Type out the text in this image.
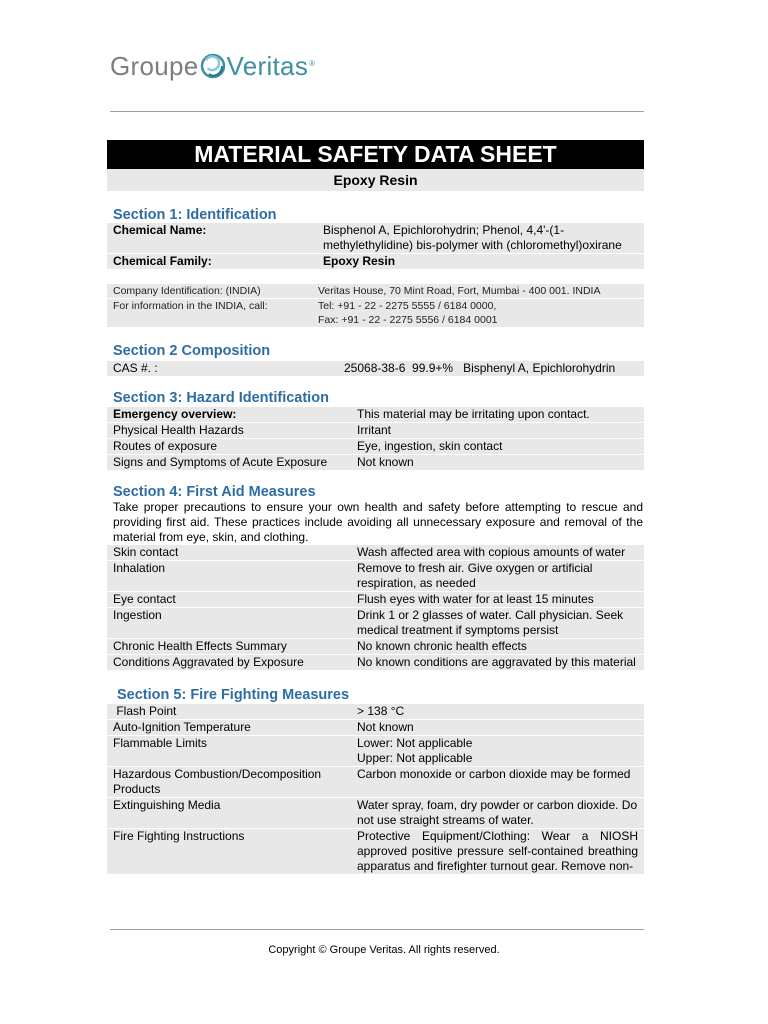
Groupe Veritas ®
MATERIAL SAFETY DATA SHEET
Epoxy Resin
Section 1: Identification
Chemical Name:	Bisphenol A, Epichlorohydrin; Phenol, 4,4'-(1-methylethylidine) bis-polymer with (chloromethyl)oxirane
Chemical Family:	Epoxy Resin
Company Identification: (INDIA)	Veritas House, 70 Mint Road, Fort, Mumbai - 400 001. INDIA
For information in the INDIA, call:	Tel: +91 - 22 - 2275 5555 / 6184 0000,
Fax: +91 - 22 - 2275 5556 / 6184 0001
Section 2 Composition
CAS #. :	25068-38-6  99.9+%   Bisphenyl A, Epichlorohydrin
Section 3: Hazard Identification
Emergency overview:	This material may be irritating upon contact.
Physical Health Hazards	Irritant
Routes of exposure	Eye, ingestion, skin contact
Signs and Symptoms of Acute Exposure	Not known
Section 4: First Aid Measures
Take proper precautions to ensure your own health and safety before attempting to rescue and providing first aid. These practices include avoiding all unnecessary exposure and removal of the material from eye, skin, and clothing.
Skin contact	Wash affected area with copious amounts of water
Inhalation	Remove to fresh air. Give oxygen or artificial respiration, as needed
Eye contact	Flush eyes with water for at least 15 minutes
Ingestion	Drink 1 or 2 glasses of water. Call physician. Seek medical treatment if symptoms persist
Chronic Health Effects Summary	No known chronic health effects
Conditions Aggravated by Exposure	No known conditions are aggravated by this material
Section 5: Fire Fighting Measures
Flash Point	> 138 °C
Auto-Ignition Temperature	Not known
Flammable Limits	Lower: Not applicable
Upper: Not applicable

Hazardous Combustion/Decomposition Products	Carbon monoxide or carbon dioxide may be formed
Extinguishing Media	Water spray, foam, dry powder or carbon dioxide. Do not use straight streams of water.
Fire Fighting Instructions	Protective Equipment/Clothing: Wear a NIOSH approved positive pressure self-contained breathing apparatus and firefighter turnout gear. Remove non-
Copyright © Groupe Veritas. All rights reserved.
